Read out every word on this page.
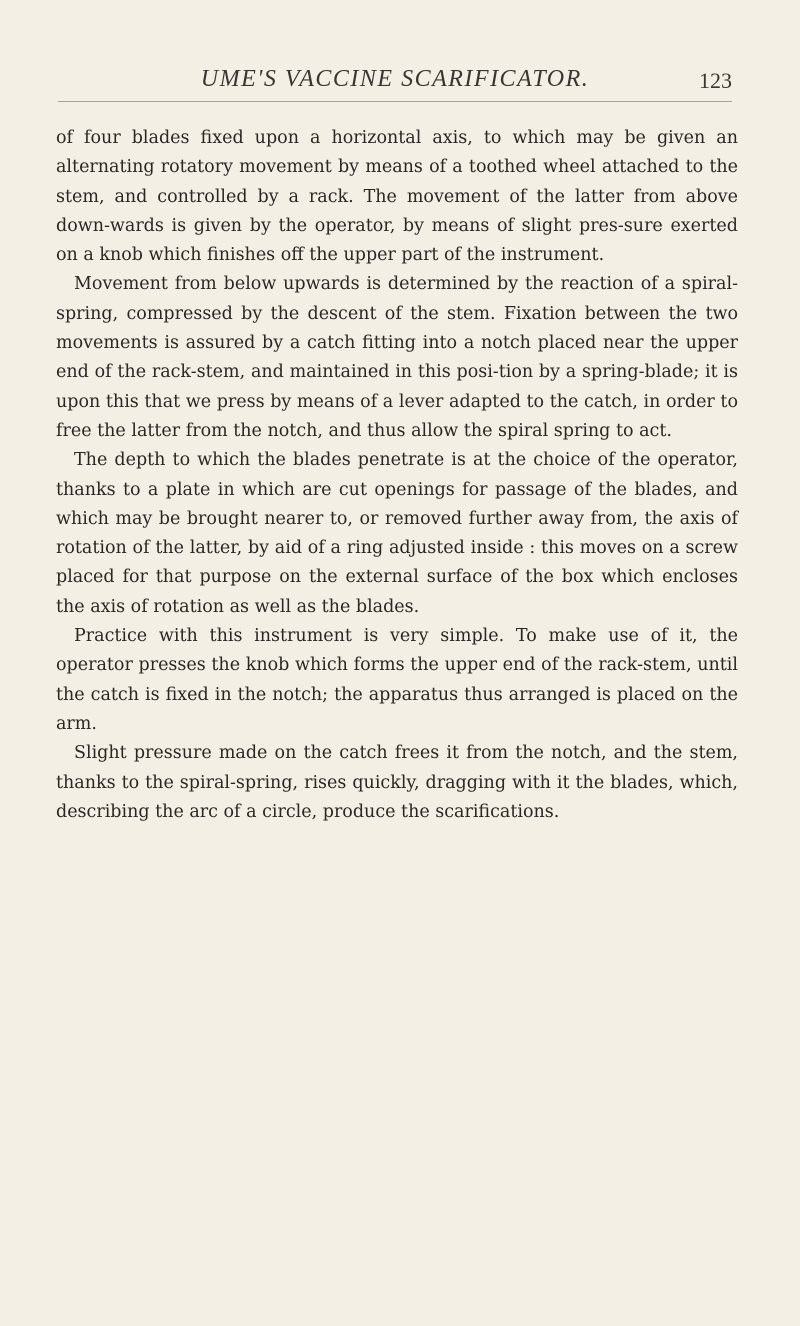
UME'S VACCINE SCARIFICATOR.	123

of four blades fixed upon a horizontal axis, to which may be given an alternating rotatory movement by means of a toothed wheel attached to the stem, and controlled by a rack. The movement of the latter from above down-wards is given by the operator, by means of slight pres-sure exerted on a knob which finishes off the upper part of the instrument.

Movement from below upwards is determined by the reaction of a spiral-spring, compressed by the descent of the stem. Fixation between the two movements is assured by a catch fitting into a notch placed near the upper end of the rack-stem, and maintained in this posi-tion by a spring-blade; it is upon this that we press by means of a lever adapted to the catch, in order to free the latter from the notch, and thus allow the spiral spring to act.

The depth to which the blades penetrate is at the choice of the operator, thanks to a plate in which are cut openings for passage of the blades, and which may be brought nearer to, or removed further away from, the axis of rotation of the latter, by aid of a ring adjusted inside : this moves on a screw placed for that purpose on the external surface of the box which encloses the axis of rotation as well as the blades.

Practice with this instrument is very simple. To make use of it, the operator presses the knob which forms the upper end of the rack-stem, until the catch is fixed in the notch; the apparatus thus arranged is placed on the arm.

Slight pressure made on the catch frees it from the notch, and the stem, thanks to the spiral-spring, rises quickly, dragging with it the blades, which, describing the arc of a circle, produce the scarifications.
